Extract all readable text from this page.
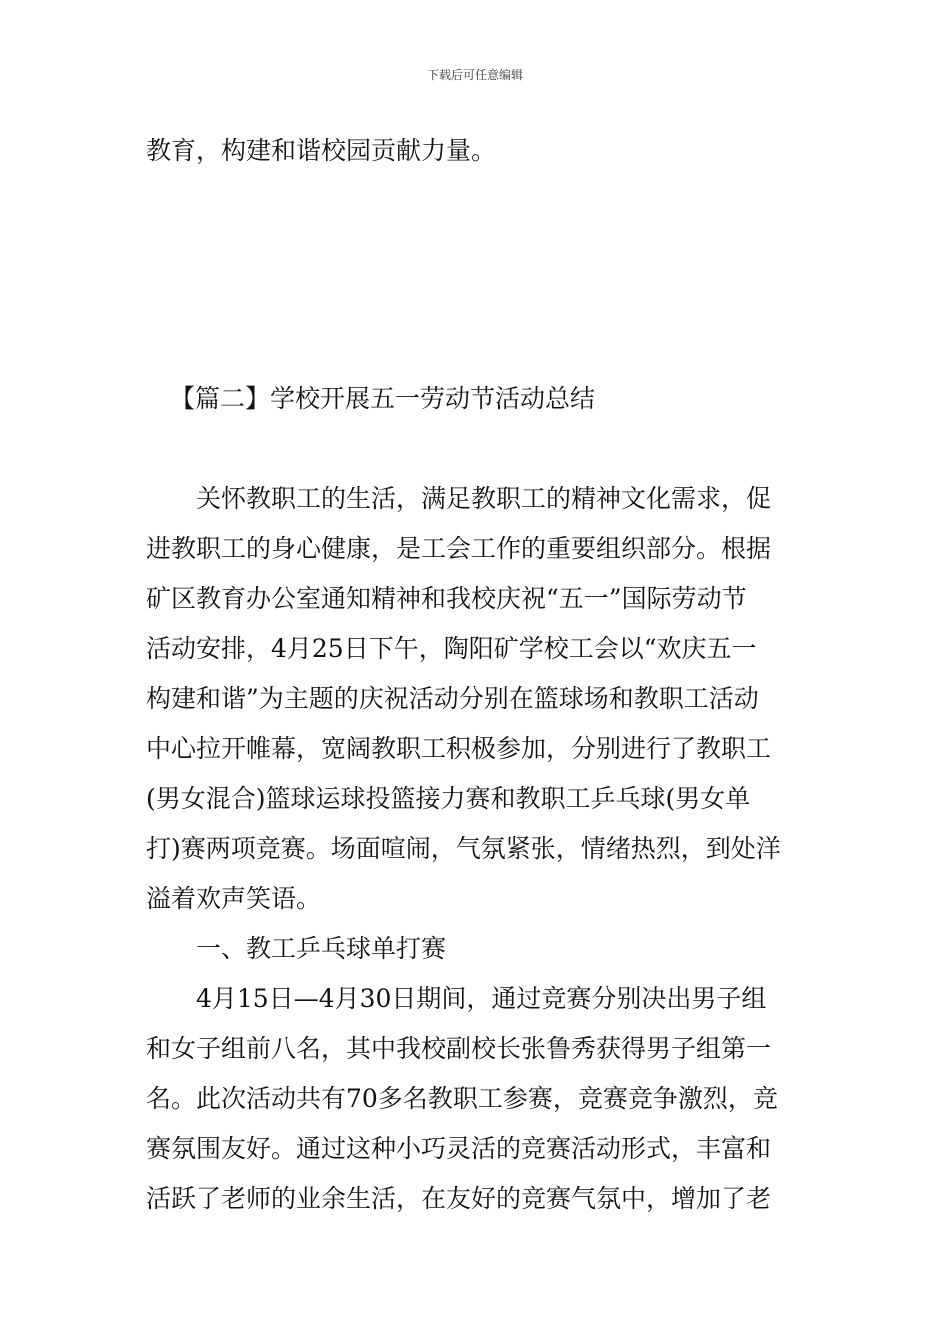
下载后可任意编辑
教育，构建和谐校园贡献力量。
【篇二】学校开展五一劳动节活动总结
关怀教职工的生活，满足教职工的精神文化需求，促
进教职工的身心健康，是工会工作的重要组织部分。根据
矿区教育办公室通知精神和我校庆祝“五一”国际劳动节
活动安排，4月25日下午，陶阳矿学校工会以“欢庆五一
构建和谐”为主题的庆祝活动分别在篮球场和教职工活动
中心拉开帷幕，宽阔教职工积极参加，分别进行了教职工
(男女混合)篮球运球投篮接力赛和教职工乒乓球(男女单
打)赛两项竞赛。场面喧闹，气氛紧张，情绪热烈，到处洋
溢着欢声笑语。
一、教工乒乓球单打赛
4月15日—4月30日期间，通过竞赛分别决出男子组
和女子组前八名，其中我校副校长张鲁秀获得男子组第一
名。此次活动共有70多名教职工参赛，竞赛竞争激烈，竞
赛氛围友好。通过这种小巧灵活的竞赛活动形式，丰富和
活跃了老师的业余生活，在友好的竞赛气氛中，增加了老
